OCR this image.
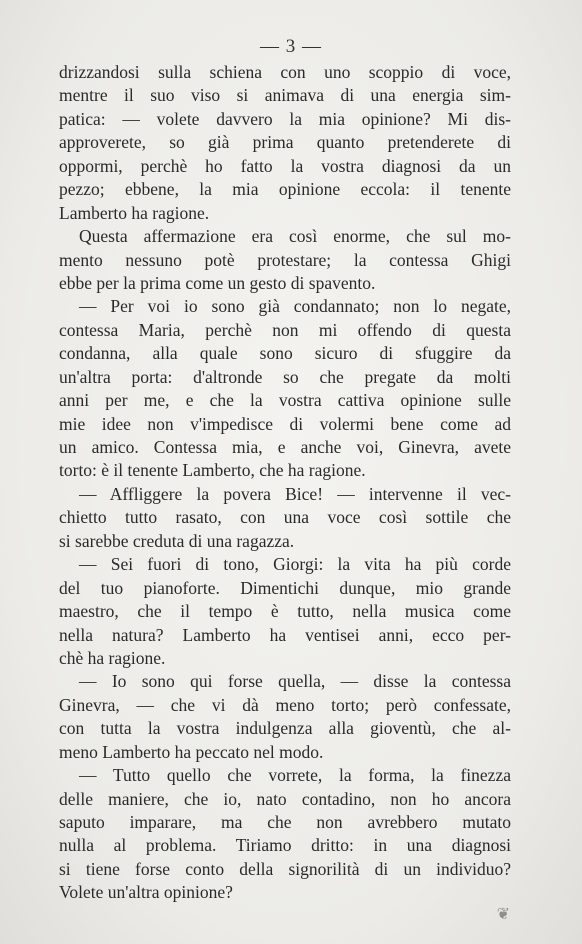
— 3 —
drizzandosi sulla schiena con uno scoppio di voce,
mentre il suo viso si animava di una energia sim-
patica: — volete davvero la mia opinione? Mi dis-
approverete, so già prima quanto pretenderete di
oppormi, perchè ho fatto la vostra diagnosi da un
pezzo; ebbene, la mia opinione eccola: il tenente
Lamberto ha ragione.
Questa affermazione era così enorme, che sul mo-
mento nessuno potè protestare; la contessa Ghigi
ebbe per la prima come un gesto di spavento.
— Per voi io sono già condannato; non lo negate,
contessa Maria, perchè non mi offendo di questa
condanna, alla quale sono sicuro di sfuggire da
un'altra porta: d'altronde so che pregate da molti
anni per me, e che la vostra cattiva opinione sulle
mie idee non v'impedisce di volermi bene come ad
un amico. Contessa mia, e anche voi, Ginevra, avete
torto: è il tenente Lamberto, che ha ragione.
— Affliggere la povera Bice! — intervenne il vec-
chietto tutto rasato, con una voce così sottile che
si sarebbe creduta di una ragazza.
— Sei fuori di tono, Giorgi: la vita ha più corde
del tuo pianoforte. Dimentichi dunque, mio grande
maestro, che il tempo è tutto, nella musica come
nella natura? Lamberto ha ventisei anni, ecco per-
chè ha ragione.
— Io sono qui forse quella, — disse la contessa
Ginevra, — che vi dà meno torto; però confessate,
con tutta la vostra indulgenza alla gioventù, che al-
meno Lamberto ha peccato nel modo.
— Tutto quello che vorrete, la forma, la finezza
delle maniere, che io, nato contadino, non ho ancora
saputo imparare, ma che non avrebbero mutato
nulla al problema. Tiriamo dritto: in una diagnosi
si tiene forse conto della signorilità di un individuo?
Volete un'altra opinione?
❦
